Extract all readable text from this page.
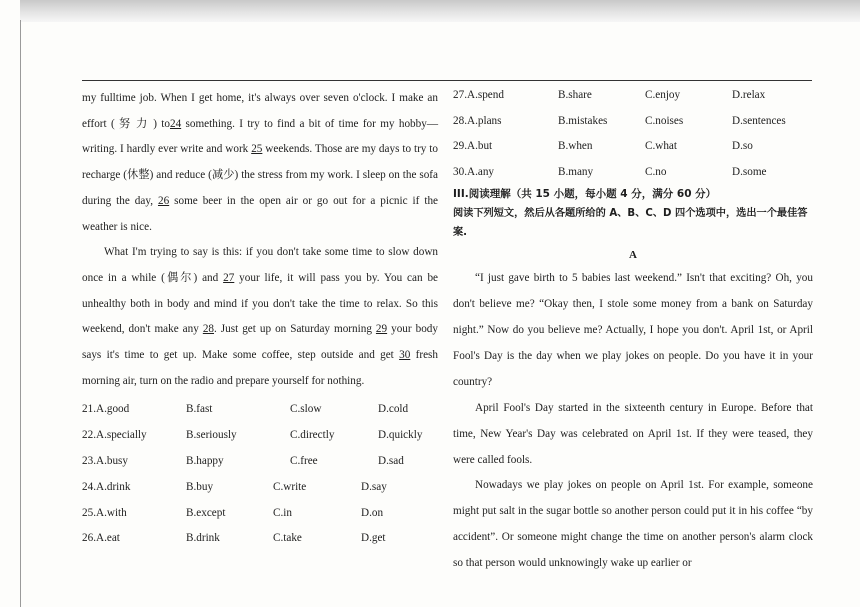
my fulltime job. When I get home, it's always over seven o'clock. I make an effort ( 努 力 ) to24 something. I try to find a bit of time for my hobby—writing. I hardly ever write and work 25 weekends. Those are my days to try to recharge (休整) and reduce (减少) the stress from my work. I sleep on the sofa during the day, 26 some beer in the open air or go out for a picnic if the weather is nice.

What I'm trying to say is this: if you don't take some time to slow down once in a while (偶尔) and 27 your life, it will pass you by. You can be unhealthy both in body and mind if you don't take the time to relax. So this weekend, don't make any 28. Just get up on Saturday morning 29 your body says it's time to get up. Make some coffee, step outside and get 30 fresh morning air, turn on the radio and prepare yourself for nothing.

21.A.good	B.fast	C.slow	D.cold
22.A.specially	B.seriously	C.directly	D.quickly
23.A.busy	B.happy	C.free	D.sad
24.A.drink	B.buy	C.write	D.say
25.A.with	B.except	C.in	D.on
26.A.eat	B.drink	C.take	D.get
27.A.spend	B.share	C.enjoy	D.relax
28.A.plans	B.mistakes	C.noises	D.sentences
29.A.but	B.when	C.what	D.so
30.A.any	B.many	C.no	D.some
III.阅读理解（共 15 小题，每小题 4 分，满分 60 分）
阅读下列短文，然后从各题所给的 A、B、C、D 四个选项中，选出一个最佳答案.
A

“I just gave birth to 5 babies last weekend.” Isn't that exciting? Oh, you don't believe me? “Okay then, I stole some money from a bank on Saturday night.” Now do you believe me? Actually, I hope you don't. April 1st, or April Fool's Day is the day when we play jokes on people. Do you have it in your country?

April Fool's Day started in the sixteenth century in Europe. Before that time, New Year's Day was celebrated on April 1st. If they were teased, they were called fools.

Nowadays we play jokes on people on April 1st. For example, someone might put salt in the sugar bottle so another person could put it in his coffee “by accident”. Or someone might change the time on another person's alarm clock so that person would unknowingly wake up earlier or
